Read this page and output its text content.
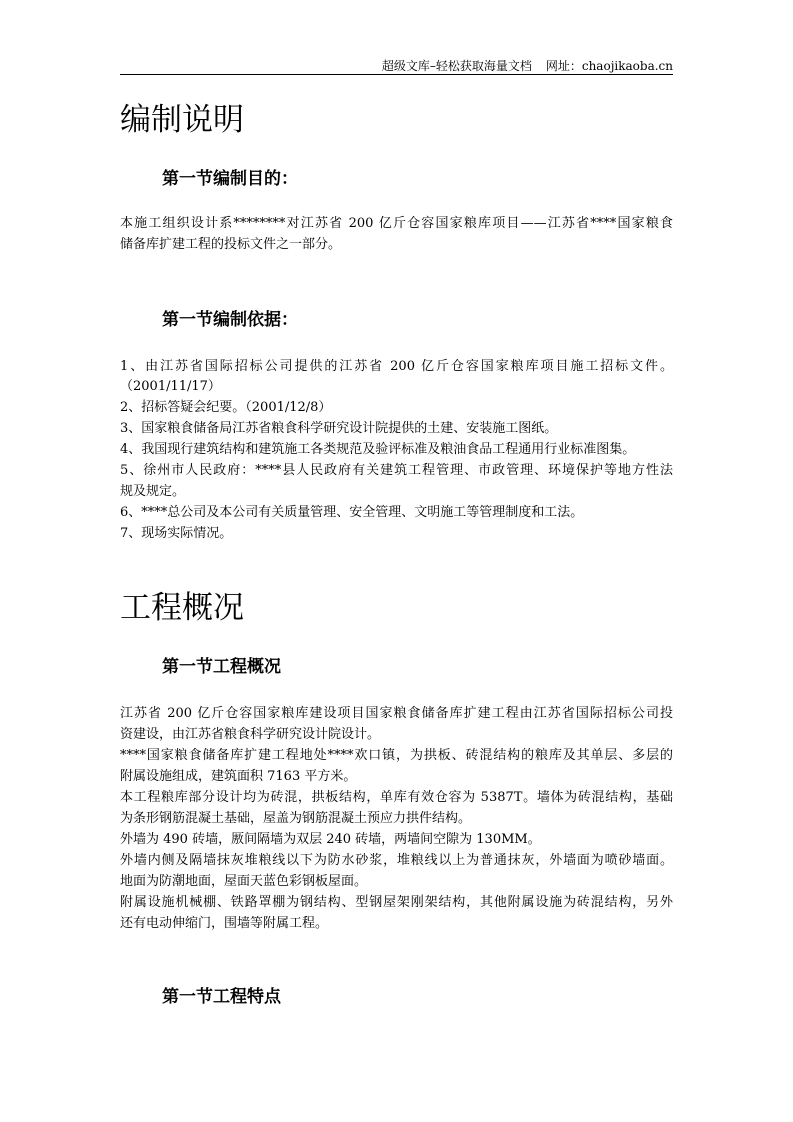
超级文库–轻松获取海量文档 网址：chaojikaoba.cn
编制说明
第一节编制目的：
本施工组织设计系********对江苏省 200 亿斤仓容国家粮库项目——江苏省****国家粮食
储备库扩建工程的投标文件之一部分。
第一节编制依据：
1、由江苏省国际招标公司提供的江苏省 200 亿斤仓容国家粮库项目施工招标文件。
（2001/11/17）
2、招标答疑会纪要。（2001/12/8）
3、国家粮食储备局江苏省粮食科学研究设计院提供的土建、安装施工图纸。
4、我国现行建筑结构和建筑施工各类规范及验评标准及粮油食品工程通用行业标准图集。
5、徐州市人民政府：****县人民政府有关建筑工程管理、市政管理、环境保护等地方性法
规及规定。
6、****总公司及本公司有关质量管理、安全管理、文明施工等管理制度和工法。
7、现场实际情况。
工程概况
第一节工程概况
江苏省 200 亿斤仓容国家粮库建设项目国家粮食储备库扩建工程由江苏省国际招标公司投
资建设，由江苏省粮食科学研究设计院设计。
****国家粮食储备库扩建工程地处****欢口镇，为拱板、砖混结构的粮库及其单层、多层的
附属设施组成，建筑面积 7163 平方米。
本工程粮库部分设计均为砖混，拱板结构，单库有效仓容为 5387T。墙体为砖混结构，基础
为条形钢筋混凝土基础，屋盖为钢筋混凝土预应力拱件结构。
外墙为 490 砖墙，厫间隔墙为双层 240 砖墙，两墙间空隙为 130MM。
外墙内侧及隔墙抹灰堆粮线以下为防水砂浆，堆粮线以上为普通抹灰，外墙面为喷砂墙面。
地面为防潮地面，屋面天蓝色彩钢板屋面。
附属设施机械棚、铁路罩棚为钢结构、型钢屋架刚架结构，其他附属设施为砖混结构，另外
还有电动伸缩门，围墙等附属工程。
第一节工程特点
